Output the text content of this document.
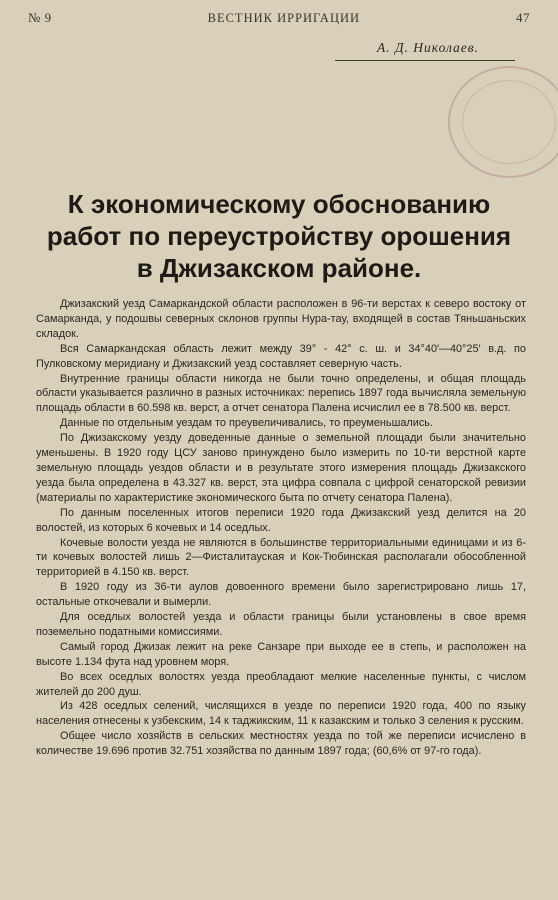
№ 9	ВЕСТНИК ИРРИГАЦИИ	47
А. Д. Николаев.
К экономическому обоснованию
работ по переустройству орошения
в Джизакском районе.

Джизакский уезд Самаркандской области расположен в 96-ти верстах к северо востоку от Самарканда, у подошвы северных склонов группы Нура-тау, входящей в состав Тяньшаньских складок.

Вся Самаркандская область лежит между 39° - 42° с. ш. и 34°40′—40°25′ в.д. по Пулковскому меридиану и Джизакский уезд составляет северную часть.

Внутренние границы области никогда не были точно определены, и общая площадь области указывается различно в разных источниках: перепись 1897 года вычисляла земельную площадь области в 60.598 кв. верст, а отчет сенатора Палена исчислил ее в 78.500 кв. верст.

Данные по отдельным уездам то преувеличивались, то преуменьшались.

По Джизакскому уезду доведенные данные о земельной площади были значительно уменьшены. В 1920 году ЦСУ заново принуждено было измерить по 10-ти верстной карте земельную площадь уездов области и в результате этого измерения площадь Джизакского уезда была определена в 43.327 кв. верст, эта цифра совпала с цифрой сенаторской ревизии (материалы по характеристике экономического быта по отчету сенатора Палена).

По данным поселенных итогов переписи 1920 года Джизакский уезд делится на 20 волостей, из которых 6 кочевых и 14 оседлых.

Кочевые волости уезда не являются в большинстве территориальными единицами и из 6-ти кочевых волостей лишь 2—Фисталитауская и Кок-Тюбинская располагали обособленной территорией в 4.150 кв. верст.

В 1920 году из 36-ти аулов довоенного времени было зарегистрировано лишь 17, остальные откочевали и вымерли.

Для оседлых волостей уезда и области границы были установлены в свое время поземельно податными комиссиями.

Самый город Джизак лежит на реке Санзаре при выходе ее в степь, и расположен на высоте 1.134 фута над уровнем моря.

Во всех оседлых волостях уезда преобладают мелкие населенные пункты, с числом жителей до 200 душ.

Из 428 оседлых селений, числящихся в уезде по переписи 1920 года, 400 по языку населения отнесены к узбекским, 14 к таджикским, 11 к казакским и только 3 селения к русским.

Общее число хозяйств в сельских местностях уезда по той же переписи исчислено в количестве 19.696 против 32.751 хозяйства по данным 1897 года; (60,6% от 97-го года).
